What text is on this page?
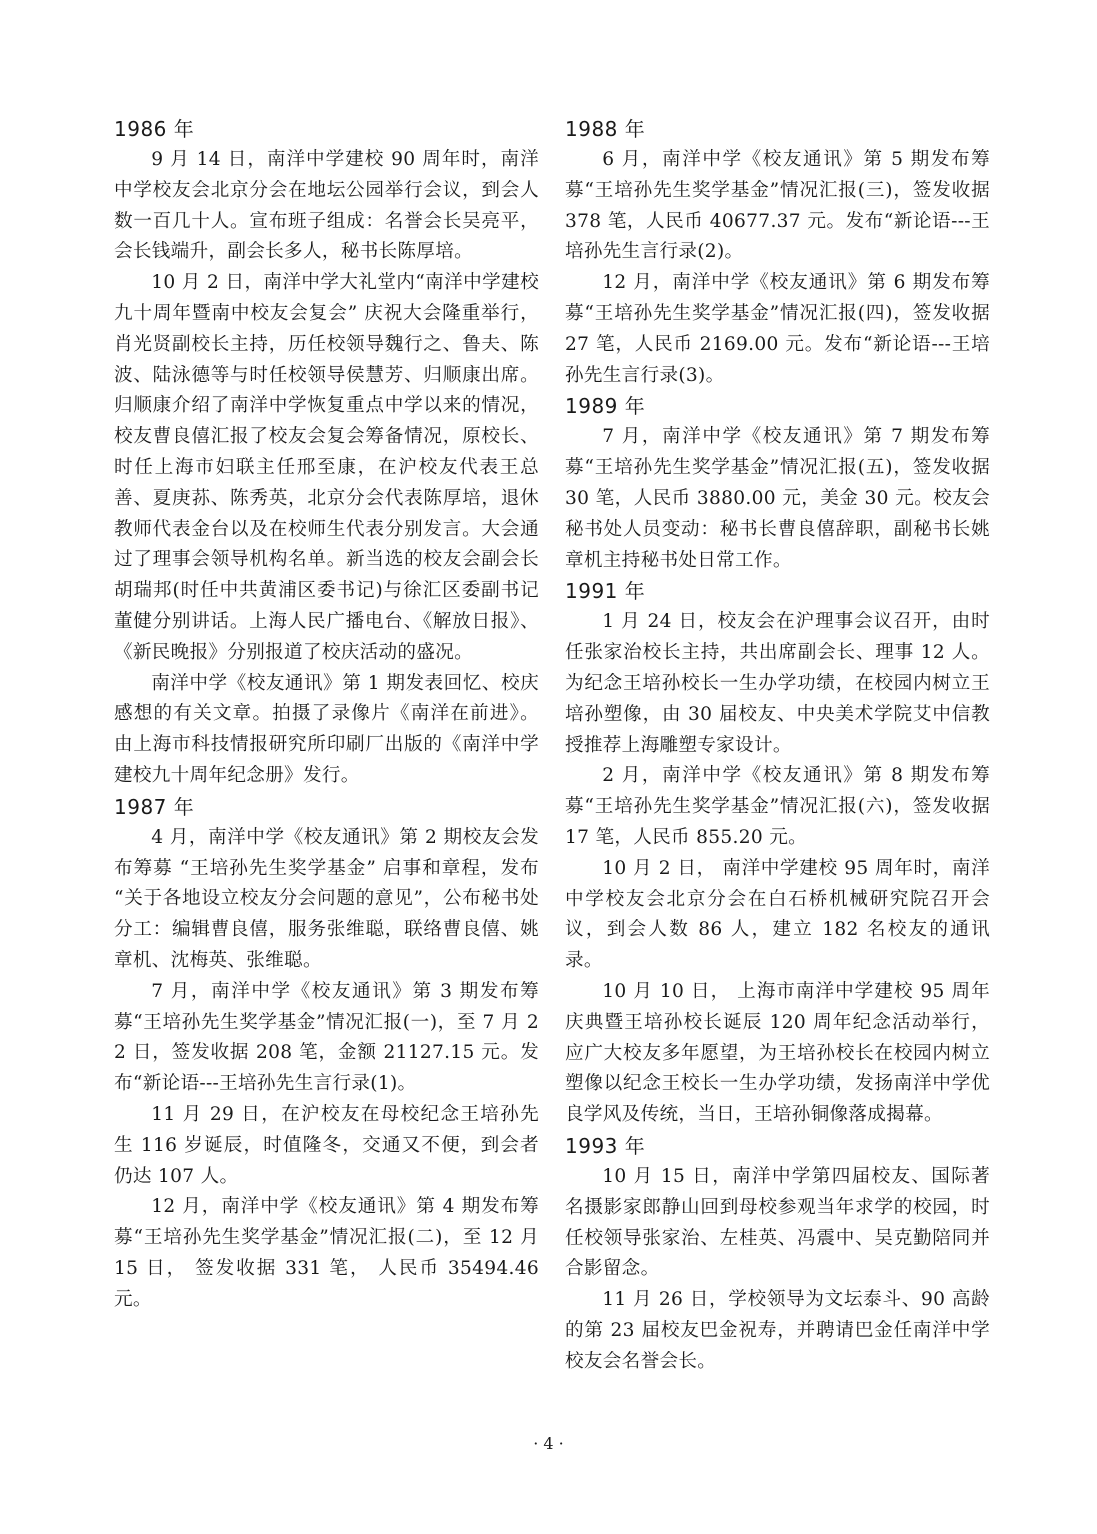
1986 年

9 月 14 日，南洋中学建校 90 周年时，南洋中学校友会北京分会在地坛公园举行会议，到会人数一百几十人。宣布班子组成：名誉会长吴亮平，会长钱端升，副会长多人，秘书长陈厚培。

10 月 2 日，南洋中学大礼堂内“南洋中学建校九十周年暨南中校友会复会” 庆祝大会隆重举行，肖光贤副校长主持，历任校领导魏行之、鲁夫、陈波、陆泳德等与时任校领导侯慧芳、归顺康出席。归顺康介绍了南洋中学恢复重点中学以来的情况，校友曹良僖汇报了校友会复会筹备情况，原校长、时任上海市妇联主任邢至康，在沪校友代表王总善、夏庚荪、陈秀英，北京分会代表陈厚培，退休教师代表金台以及在校师生代表分别发言。大会通过了理事会领导机构名单。新当选的校友会副会长胡瑞邦(时任中共黄浦区委书记)与徐汇区委副书记董健分别讲话。上海人民广播电台、《解放日报》、《新民晚报》分别报道了校庆活动的盛况。

南洋中学《校友通讯》第 1 期发表回忆、校庆感想的有关文章。拍摄了录像片《南洋在前进》。由上海市科技情报研究所印刷厂出版的《南洋中学建校九十周年纪念册》发行。

1987 年

4 月，南洋中学《校友通讯》第 2 期校友会发布筹募 “王培孙先生奖学基金” 启事和章程，发布 “关于各地设立校友分会问题的意见”，公布秘书处分工：编辑曹良僖，服务张维聪，联络曹良僖、姚章机、沈梅英、张维聪。

7 月，南洋中学《校友通讯》第 3 期发布筹募“王培孙先生奖学基金”情况汇报(一)，至 7 月 22 日，签发收据 208 笔，金额 21127.15 元。发布“新论语---王培孙先生言行录(1)。

11 月 29 日，在沪校友在母校纪念王培孙先生 116 岁诞辰，时值隆冬，交通又不便，到会者仍达 107 人。

12 月，南洋中学《校友通讯》第 4 期发布筹募“王培孙先生奖学基金”情况汇报(二)，至 12 月 15 日， 签发收据 331 笔， 人民币 35494.46 元。

1988 年

6 月，南洋中学《校友通讯》第 5 期发布筹募“王培孙先生奖学基金”情况汇报(三)，签发收据 378 笔，人民币 40677.37 元。发布“新论语---王培孙先生言行录(2)。

12 月，南洋中学《校友通讯》第 6 期发布筹募“王培孙先生奖学基金”情况汇报(四)，签发收据 27 笔，人民币 2169.00 元。发布“新论语---王培孙先生言行录(3)。

1989 年

7 月，南洋中学《校友通讯》第 7 期发布筹募“王培孙先生奖学基金”情况汇报(五)，签发收据 30 笔，人民币 3880.00 元，美金 30 元。校友会秘书处人员变动：秘书长曹良僖辞职，副秘书长姚章机主持秘书处日常工作。

1991 年

1 月 24 日，校友会在沪理事会议召开，由时任张家治校长主持，共出席副会长、理事 12 人。为纪念王培孙校长一生办学功绩，在校园内树立王培孙塑像，由 30 届校友、中央美术学院艾中信教授推荐上海雕塑专家设计。

2 月，南洋中学《校友通讯》第 8 期发布筹募“王培孙先生奖学基金”情况汇报(六)，签发收据 17 笔，人民币 855.20 元。

10 月 2 日， 南洋中学建校 95 周年时，南洋中学校友会北京分会在白石桥机械研究院召开会议，到会人数 86 人，建立 182 名校友的通讯录。

10 月 10 日， 上海市南洋中学建校 95 周年庆典暨王培孙校长诞辰 120 周年纪念活动举行，应广大校友多年愿望，为王培孙校长在校园内树立塑像以纪念王校长一生办学功绩，发扬南洋中学优良学风及传统，当日，王培孙铜像落成揭幕。

1993 年

10 月 15 日，南洋中学第四届校友、国际著名摄影家郎静山回到母校参观当年求学的校园，时任校领导张家治、左桂英、冯震中、吴克勤陪同并合影留念。

11 月 26 日，学校领导为文坛泰斗、90 高龄的第 23 届校友巴金祝寿，并聘请巴金任南洋中学校友会名誉会长。

· 4 ·
